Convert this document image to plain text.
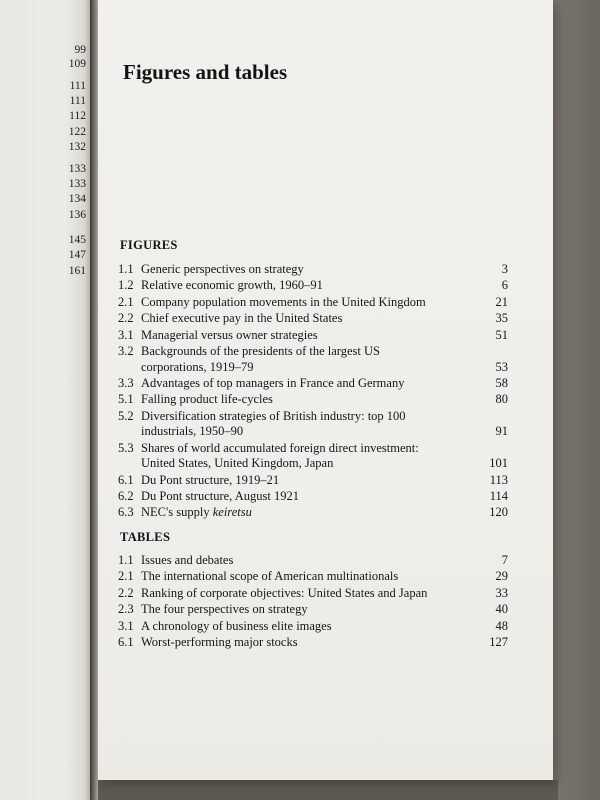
99
109
111
111
112
122
132
133
133
134
136
145
147
161
Figures and tables
FIGURES
1.1 Generic perspectives on strategy	3
1.2 Relative economic growth, 1960–91	6
2.1 Company population movements in the United Kingdom	21
2.2 Chief executive pay in the United States	35
3.1 Managerial versus owner strategies	51
3.2 Backgrounds of the presidents of the largest US
corporations, 1919–79	53
3.3 Advantages of top managers in France and Germany	58
5.1 Falling product life-cycles	80
5.2 Diversification strategies of British industry: top 100
industrials, 1950–90	91
5.3 Shares of world accumulated foreign direct investment:
United States, United Kingdom, Japan	101
6.1 Du Pont structure, 1919–21	113
6.2 Du Pont structure, August 1921	114
6.3 NEC's supply keiretsu	120
TABLES
1.1 Issues and debates	7
2.1 The international scope of American multinationals	29
2.2 Ranking of corporate objectives: United States and Japan	33
2.3 The four perspectives on strategy	40
3.1 A chronology of business elite images	48
6.1 Worst-performing major stocks	127
